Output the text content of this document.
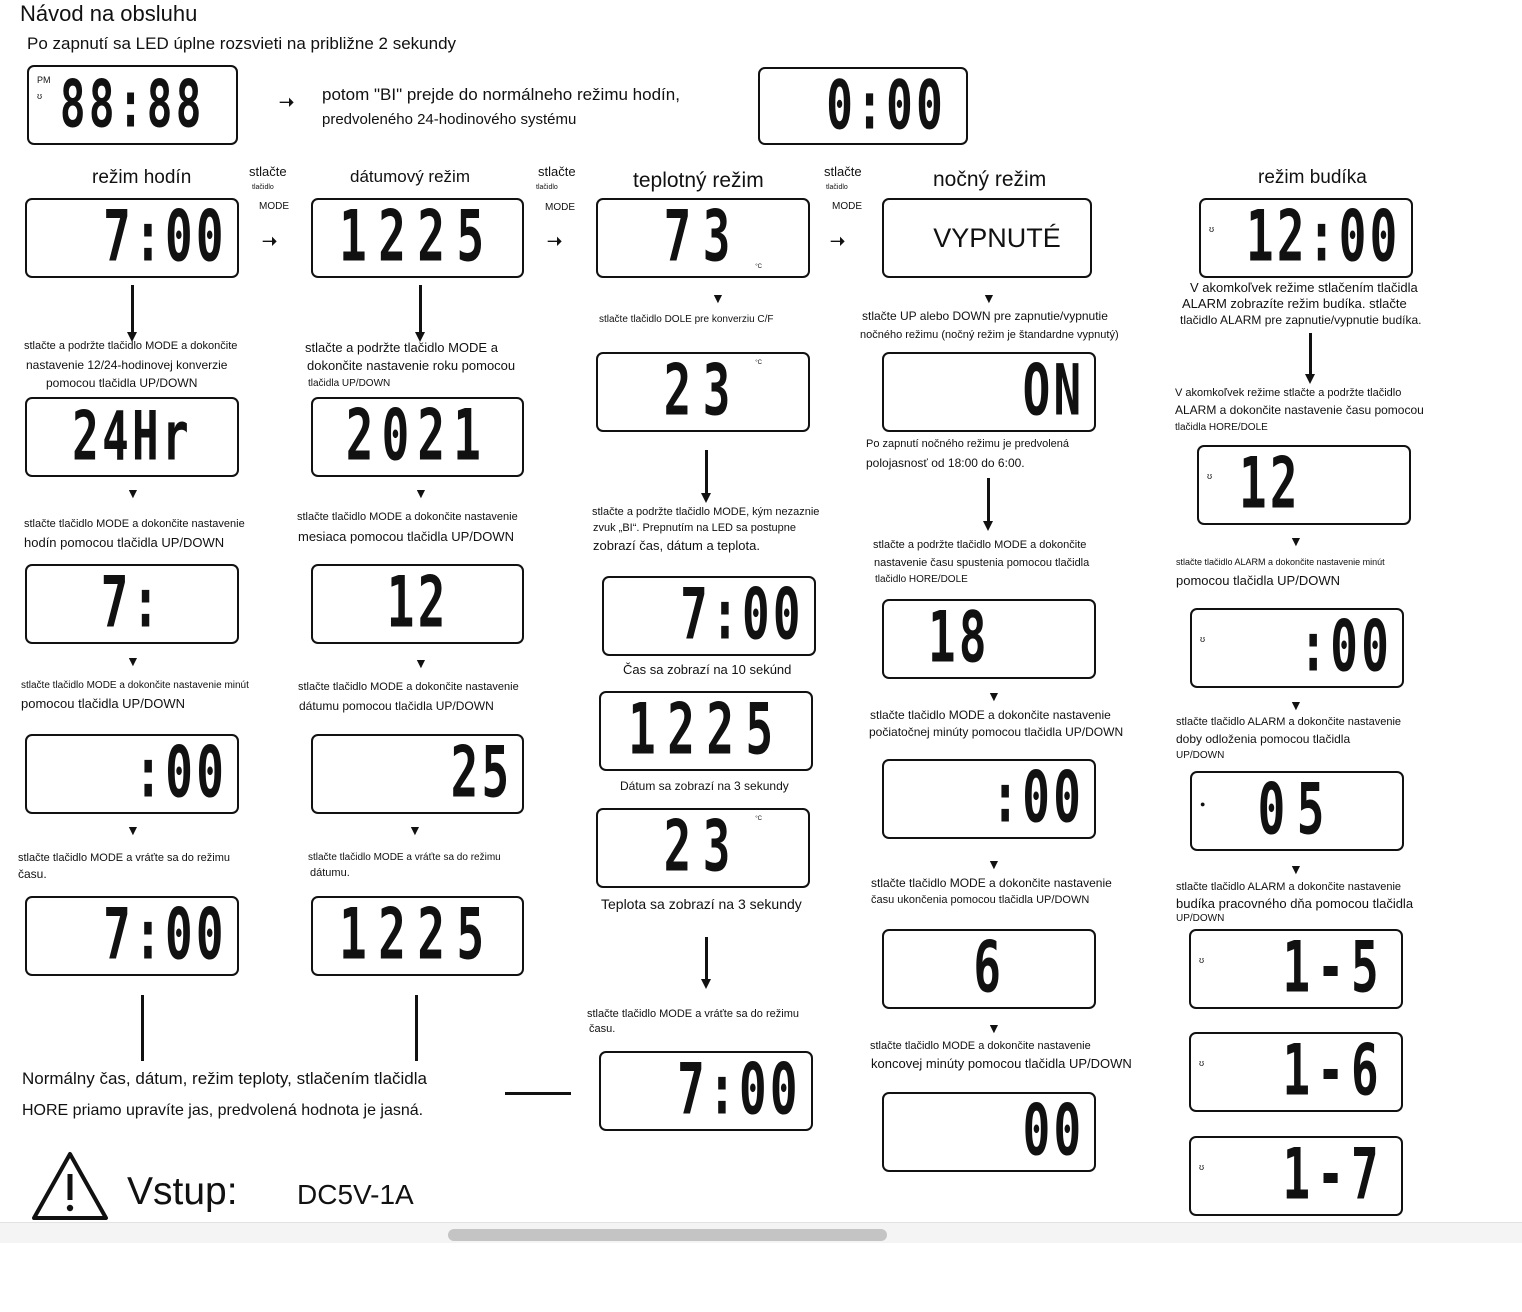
Návod na obsluhu
Po zapnutí sa LED úplne rozsvieti na približne 2 sekundy
PM
ʊ 88:88	➝ potom "BI" prejde do normálneho režimu hodín,
predvoleného 24-hodinového systému	0:00
režim hodín	dátumový režim	teplotný režim	nočný režim	režim budíka
stlačte
tlačidlo
MODE
➝
stlačte
tlačidlo
MODE
➝
stlačte
tlačidlo
MODE
➝
7:00
stlačte a podržte tlačidlo MODE a dokončite
nastavenie 12/24-hodinovej konverzie
pomocou tlačidla UP/DOWN
24Hr
▼
stlačte tlačidlo MODE a dokončite nastavenie
hodín pomocou tlačidla UP/DOWN
7:
▼
stlačte tlačidlo MODE a dokončite nastavenie minút
pomocou tlačidla UP/DOWN
:00
▼
stlačte tlačidlo MODE a vráťte sa do režimu
času.
7:00
1225
stlačte a podržte tlačidlo MODE a
dokončite nastavenie roku pomocou
tlačidla UP/DOWN
2021
▼
stlačte tlačidlo MODE a dokončite nastavenie
mesiaca pomocou tlačidla UP/DOWN
12
▼
stlačte tlačidlo MODE a dokončite nastavenie
dátumu pomocou tlačidla UP/DOWN
25
▼
stlačte tlačidlo MODE a vráťte sa do režimu
dátumu.
1225
Normálny čas, dátum, režim teploty, stlačením tlačidla
HORE priamo upravíte jas, predvolená hodnota je jasná.
Vstup: DC5V-1A
73 °C
▼
stlačte tlačidlo DOLE pre konverziu C/F
23 °C
stlačte a podržte tlačidlo MODE, kým nezaznie
zvuk „BI“. Prepnutím na LED sa postupne
zobrazí čas, dátum a teplota.
7:00
Čas sa zobrazí na 10 sekúnd
1225
Dátum sa zobrazí na 3 sekundy
23 °C
Teplota sa zobrazí na 3 sekundy
stlačte tlačidlo MODE a vráťte sa do režimu
času.
7:00
VYPNUTÉ
▼
stlačte UP alebo DOWN pre zapnutie/vypnutie
nočného režimu (nočný režim je štandardne vypnutý)
ON
Po zapnutí nočného režimu je predvolená
polojasnosť od 18:00 do 6:00.
stlačte a podržte tlačidlo MODE a dokončite
nastavenie času spustenia pomocou tlačidla
tlačidlo HORE/DOLE
18
▼
stlačte tlačidlo MODE a dokončite nastavenie
počiatočnej minúty pomocou tlačidla UP/DOWN
:00
▼
stlačte tlačidlo MODE a dokončite nastavenie
času ukončenia pomocou tlačidla UP/DOWN
6
▼
stlačte tlačidlo MODE a dokončite nastavenie
koncovej minúty pomocou tlačidla UP/DOWN
00
ʊ 12:00
V akomkoľvek režime stlačením tlačidla
ALARM zobrazíte režim budíka. stlačte
tlačidlo ALARM pre zapnutie/vypnutie budíka.
V akomkoľvek režime stlačte a podržte tlačidlo
ALARM a dokončite nastavenie času pomocou
tlačidla HORE/DOLE
ʊ 12
▼
stlačte tlačidlo ALARM a dokončite nastavenie minút
pomocou tlačidla UP/DOWN
ʊ :00
▼
stlačte tlačidlo ALARM a dokončite nastavenie
doby odloženia pomocou tlačidla
UP/DOWN
● 05
▼
stlačte tlačidlo ALARM a dokončite nastavenie
budíka pracovného dňa pomocou tlačidla
UP/DOWN
ʊ 1-5
ʊ 1-6
ʊ 1-7
